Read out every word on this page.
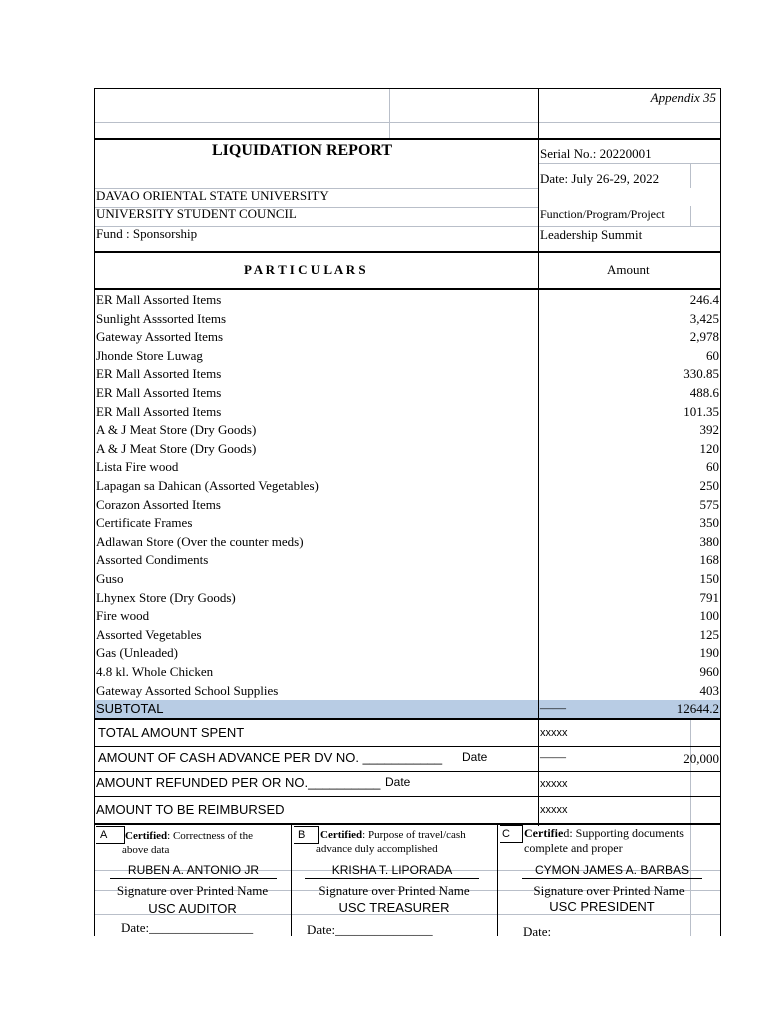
Appendix 35
LIQUIDATION REPORT	Serial No.: 20220001
Date: July 26-29, 2022
DAVAO ORIENTAL STATE UNIVERSITY
UNIVERSITY STUDENT COUNCIL
Fund : Sponsorship
Function/Program/Project
Leadership Summit
P A R T I C U L A R S	Amount
ER Mall Assorted Items	246.4
Sunlight Asssorted Items	3,425
Gateway Assorted Items	2,978
Jhonde Store Luwag	60
ER Mall Assorted Items	330.85
ER Mall Assorted Items	488.6
ER Mall Assorted Items	101.35
A & J Meat Store (Dry Goods)	392
A & J Meat Store (Dry Goods)	120
Lista Fire wood	60
Lapagan sa Dahican (Assorted Vegetables)	250
Corazon Assorted Items	575
Certificate Frames	350
Adlawan Store (Over the counter meds)	380
Assorted Condiments	168
Guso	150
Lhynex Store (Dry Goods)	791
Fire wood	100
Assorted Vegetables	125
Gas (Unleaded)	190
4.8 kl. Whole Chicken	960
Gateway Assorted School Supplies	403
SUBTOTAL	——	12644.2
TOTAL AMOUNT SPENT	xxxxx
AMOUNT OF CASH ADVANCE PER DV NO. ___________ Date	——	20,000
AMOUNT REFUNDED PER OR NO.__________ Date	xxxxx
AMOUNT TO BE REIMBURSED	xxxxx
A	Certified: Correctness of the
above data
RUBEN A. ANTONIO JR
Signature over Printed Name
USC AUDITOR
Date:________________
B	Certified: Purpose of travel/cash
advance duly accomplished
KRISHA T. LIPORADA
Signature over Printed Name
USC TREASURER
Date:_______________
C	Certified: Supporting documents
complete and proper
CYMON JAMES A. BARBAS
Signature over Printed Name
USC PRESIDENT
Date:
